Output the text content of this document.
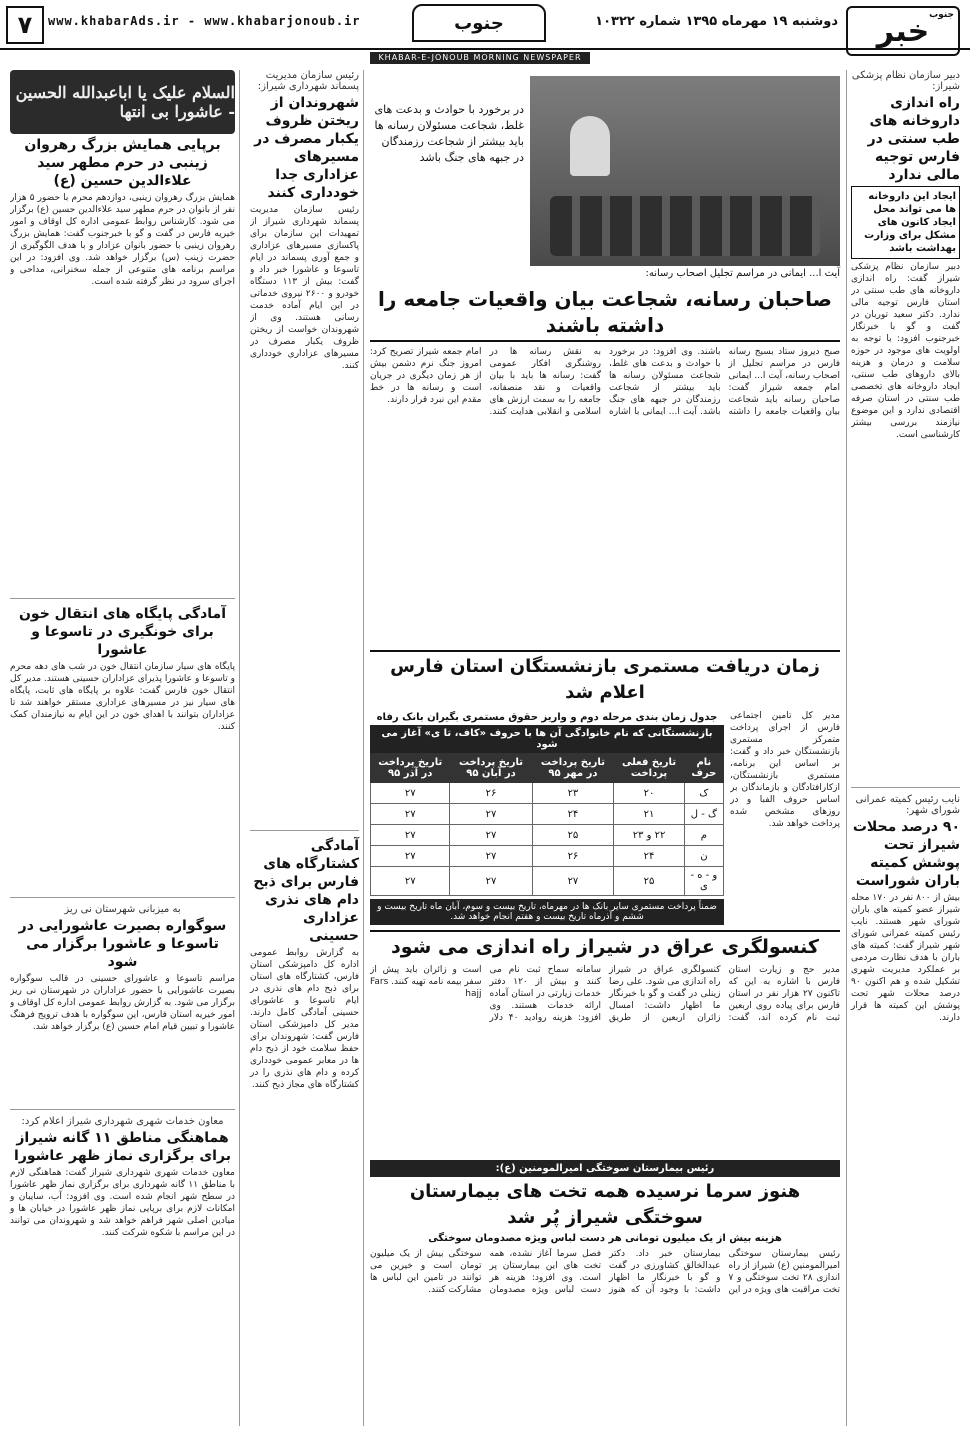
خبر جنوب
دوشنبه ۱۹ مهرماه ۱۳۹۵ شماره ۱۰۳۲۲
جنوب
www.khabarAds.ir - www.khabarjonoub.ir
۷
KHABAR-E-JONOUB MORNING NEWSPAPER
دبیر سازمان نظام پزشکی شیراز:
راه اندازی داروخانه های طب سنتی در فارس توجیه مالی ندارد
ایجاد این داروخانه ها می تواند محل ایجاد کانون های مشکل برای وزارت بهداشت باشد
دبیر سازمان نظام پزشکی شیراز گفت: راه اندازی داروخانه های طب سنتی در استان فارس توجیه مالی ندارد. دکتر سعید توربان در گفت و گو با خبرنگار خبرجنوب افزود: با توجه به اولویت های موجود در حوزه سلامت و درمان و هزینه بالای داروهای طب سنتی، ایجاد داروخانه های تخصصی طب سنتی در استان صرفه اقتصادی ندارد و این موضوع نیازمند بررسی بیشتر کارشناسی است.
نایب رئیس کمیته عمرانی شورای شهر:
۹۰ درصد محلات شیراز تحت پوشش کمیته باران شوراست
بیش از ۸۰۰ نفر در ۱۷۰ محله شیراز عضو کمیته های باران شورای شهر هستند. نایب رئیس کمیته عمرانی شورای شهر شیراز گفت: کمیته های باران با هدف نظارت مردمی بر عملکرد مدیریت شهری تشکیل شده و هم اکنون ۹۰ درصد محلات شهر تحت پوشش این کمیته ها قرار دارند.
در برخورد با حوادث و بدعت های غلط، شجاعت مسئولان رسانه ها باید بیشتر از شجاعت رزمندگان در جبهه های جنگ باشد
آیت ا... ایمانی در مراسم تجلیل اصحاب رسانه:
صاحبان رسانه، شجاعت بیان واقعیات جامعه را داشته باشند
صبح دیروز ستاد بسیج رسانه فارس در مراسم تجلیل از اصحاب رسانه، آیت ا... ایمانی امام جمعه شیراز گفت: صاحبان رسانه باید شجاعت بیان واقعیات جامعه را داشته باشند. وی افزود: در برخورد با حوادث و بدعت های غلط، شجاعت مسئولان رسانه ها باید بیشتر از شجاعت رزمندگان در جبهه های جنگ باشد. آیت ا... ایمانی با اشاره به نقش رسانه ها در روشنگری افکار عمومی گفت: رسانه ها باید با بیان واقعیات و نقد منصفانه، جامعه را به سمت ارزش های اسلامی و انقلابی هدایت کنند. امام جمعه شیراز تصریح کرد: امروز جنگ نرم دشمن بیش از هر زمان دیگری در جریان است و رسانه ها در خط مقدم این نبرد قرار دارند.
زمان دریافت مستمری بازنشستگان استان فارس اعلام شد
مدیر کل تامین اجتماعی فارس از اجرای پرداخت متمرکز مستمری بازنشستگان خبر داد و گفت: بر اساس این برنامه، مستمری بازنشستگان، ازکارافتادگان و بازماندگان بر اساس حروف الفبا و در روزهای مشخص شده پرداخت خواهد شد.
جدول زمان بندی مرحله دوم و واریز حقوق مستمری بگیران بانک رفاه
بازنشستگانی که نام خانوادگی آن ها با حروف «کاف، تا ی» آغاز می شود
نام حرف	تاریخ فعلی پرداخت	تاریخ پرداخت در مهر ۹۵	تاریخ پرداخت در آبان ۹۵	تاریخ پرداخت در آذر ۹۵
ک	۲۰	۲۳	۲۶	۲۷
گ - ل	۲۱	۲۴	۲۷	۲۷
م	۲۲ و ۲۳	۲۵	۲۷	۲۷
ن	۲۴	۲۶	۲۷	۲۷
و - ه - ی	۲۵	۲۷	۲۷	۲۷
ضمناً پرداخت مستمری سایر بانک ها در مهرماه، تاریخ بیست و سوم، آبان ماه تاریخ بیست و ششم و آذرماه تاریخ بیست و هفتم انجام خواهد شد.
کنسولگری عراق در شیراز راه اندازی می شود
مدیر حج و زیارت استان فارس با اشاره به این که تاکنون ۲۷ هزار نفر در استان فارس برای پیاده روی اربعین ثبت نام کرده اند، گفت: کنسولگری عراق در شیراز راه اندازی می شود. علی رضا زینلی در گفت و گو با خبرنگار ما اظهار داشت: امسال زائران اربعین از طریق سامانه سماح ثبت نام می کنند و بیش از ۱۲۰ دفتر خدمات زیارتی در استان آماده ارائه خدمات هستند. وی افزود: هزینه روادید ۴۰ دلار است و زائران باید پیش از سفر بیمه نامه تهیه کنند. Fars hajj
رئیس بیمارستان سوختگی امیرالمومنین (ع):
هنوز سرما نرسیده همه تخت های بیمارستان سوختگی شیراز پُر شد
هزینه بیش از یک میلیون تومانی هر دست لباس ویژه مصدومان سوختگی
رئیس بیمارستان سوختگی امیرالمومنین (ع) شیراز از راه اندازی ۲۸ تخت سوختگی و ۷ تخت مراقبت های ویژه در این بیمارستان خبر داد. دکتر عبدالخالق کشاورزی در گفت و گو با خبرنگار ما اظهار داشت: با وجود آن که هنوز فصل سرما آغاز نشده، همه تخت های این بیمارستان پر است. وی افزود: هزینه هر دست لباس ویژه مصدومان سوختگی بیش از یک میلیون تومان است و خیرین می توانند در تامین این لباس ها مشارکت کنند.
رئیس سازمان مدیریت پسماند شهرداری شیراز:
شهروندان از ریختن ظروف یکبار مصرف در مسیرهای عزاداری جدا خودداری کنند
رئیس سازمان مدیریت پسماند شهرداری شیراز از تمهیدات این سازمان برای پاکسازی مسیرهای عزاداری و جمع آوری پسماند در ایام تاسوعا و عاشورا خبر داد و گفت: بیش از ۱۱۳ دستگاه خودرو و ۲۶۰۰ نیروی خدماتی در این ایام آماده خدمت رسانی هستند. وی از شهروندان خواست از ریختن ظروف یکبار مصرف در مسیرهای عزاداری خودداری کنند.
آمادگی کشتارگاه های فارس برای ذبح دام های نذری عزاداری حسینی
به گزارش روابط عمومی اداره کل دامپزشکی استان فارس، کشتارگاه های استان برای ذبح دام های نذری در ایام تاسوعا و عاشورای حسینی آمادگی کامل دارند. مدیر کل دامپزشکی استان فارس گفت: شهروندان برای حفظ سلامت خود از ذبح دام ها در معابر عمومی خودداری کرده و دام های نذری را در کشتارگاه های مجاز ذبح کنند.
السلام علیک یا اباعبدالله الحسین - عاشورا بی انتها
برپایی همایش بزرگ رهروان زینبی در حرم مطهر سید علاءالدین حسین (ع)
همایش بزرگ رهروان زینبی، دوازدهم محرم با حضور ۵ هزار نفر از بانوان در حرم مطهر سید علاءالدین حسین (ع) برگزار می شود. کارشناس روابط عمومی اداره کل اوقاف و امور خیریه فارس در گفت و گو با خبرجنوب گفت: همایش بزرگ رهروان زینبی با حضور بانوان عزادار و با هدف الگوگیری از حضرت زینب (س) برگزار خواهد شد. وی افزود: در این مراسم برنامه های متنوعی از جمله سخنرانی، مداحی و اجرای سرود در نظر گرفته شده است.
آمادگی پایگاه های انتقال خون برای خونگیری در تاسوعا و عاشورا
پایگاه های سیار سازمان انتقال خون در شب های دهه محرم و تاسوعا و عاشورا پذیرای عزاداران حسینی هستند. مدیر کل انتقال خون فارس گفت: علاوه بر پایگاه های ثابت، پایگاه های سیار نیز در مسیرهای عزاداری مستقر خواهند شد تا عزاداران بتوانند با اهدای خون در این ایام به نیازمندان کمک کنند.
به میزبانی شهرستان نی ریز
سوگواره بصیرت عاشورایی در تاسوعا و عاشورا برگزار می شود
مراسم تاسوعا و عاشورای حسینی در قالب سوگواره بصیرت عاشورایی با حضور عزاداران در شهرستان نی ریز برگزار می شود. به گزارش روابط عمومی اداره کل اوقاف و امور خیریه استان فارس، این سوگواره با هدف ترویج فرهنگ عاشورا و تبیین قیام امام حسین (ع) برگزار خواهد شد.
معاون خدمات شهری شهرداری شیراز اعلام کرد:
هماهنگی مناطق ۱۱ گانه شیراز برای برگزاری نماز ظهر عاشورا
معاون خدمات شهری شهرداری شیراز گفت: هماهنگی لازم با مناطق ۱۱ گانه شهرداری برای برگزاری نماز ظهر عاشورا در سطح شهر انجام شده است. وی افزود: آب، سایبان و امکانات لازم برای برپایی نماز ظهر عاشورا در خیابان ها و میادین اصلی شهر فراهم خواهد شد و شهروندان می توانند در این مراسم با شکوه شرکت کنند.
